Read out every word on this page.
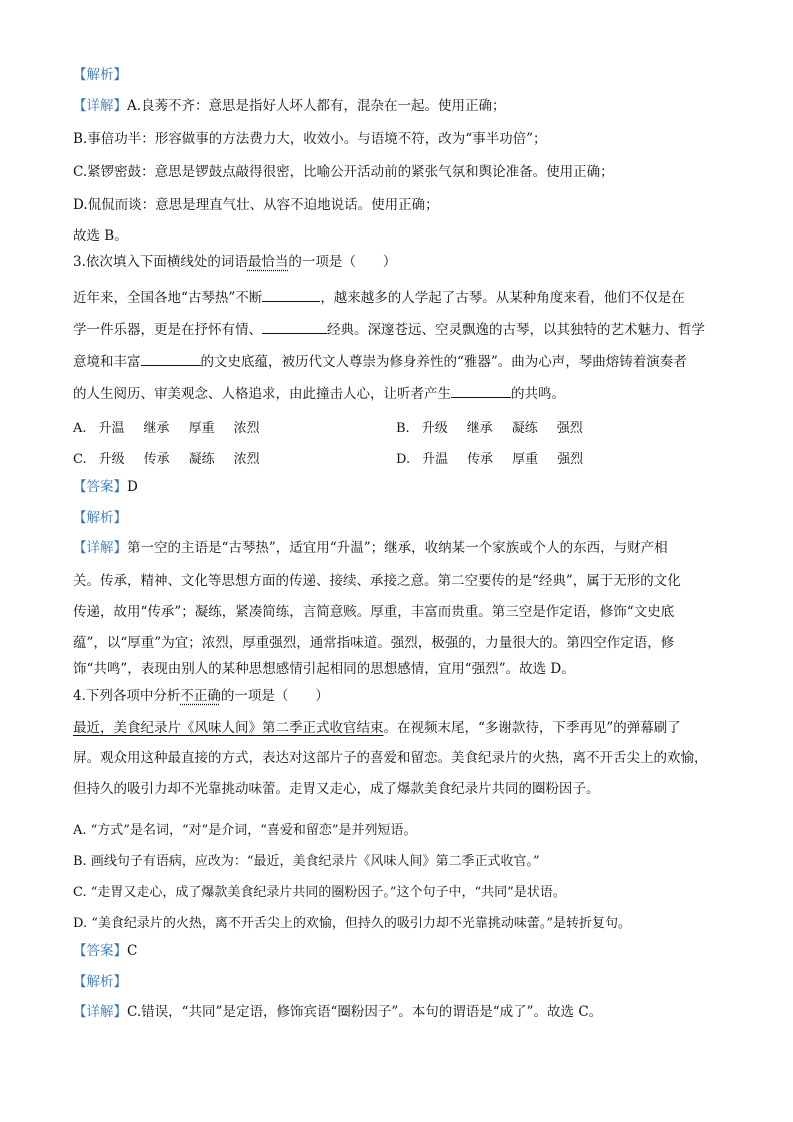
【解析】
【详解】A.良莠不齐：意思是指好人坏人都有，混杂在一起。使用正确；
B.事倍功半：形容做事的方法费力大，收效小。与语境不符，改为“事半功倍”；
C.紧锣密鼓：意思是锣鼓点敲得很密，比喻公开活动前的紧张气氛和舆论准备。使用正确；
D.侃侃而谈：意思是理直气壮、从容不迫地说话。使用正确；
故选 B。
3.依次填入下面横线处的词语最恰当的一项是（　　）
近年来，全国各地“古琴热”不断	，越来越多的人学起了古琴。从某种角度来看，他们不仅是在
学一件乐器，更是在抒怀有情、	经典。深邃苍远、空灵飘逸的古琴，以其独特的艺术魅力、哲学
意境和丰富	的文史底蕴，被历代文人尊崇为修身养性的“雅器”。曲为心声，琴曲熔铸着演奏者
的人生阅历、审美观念、人格追求，由此撞击人心，让听者产生	的共鸣。
A. 升温 继承 厚重 浓烈	B. 升级 继承 凝练 强烈
C. 升级 传承 凝练 浓烈	D. 升温 传承 厚重 强烈
【答案】D
【解析】
【详解】第一空的主语是“古琴热”，适宜用“升温”；继承，收纳某一个家族或个人的东西，与财产相
关。传承，精神、文化等思想方面的传递、接续、承接之意。第二空要传的是“经典”，属于无形的文化
传递，故用“传承”；凝练，紧凑简练，言简意赅。厚重，丰富而贵重。第三空是作定语，修饰“文史底
蕴”，以“厚重”为宜；浓烈，厚重强烈，通常指味道。强烈，极强的，力量很大的。第四空作定语，修
饰“共鸣”，表现由别人的某种思想感情引起相同的思想感情，宜用“强烈”。故选 D。
4.下列各项中分析不正确的一项是（　　）
最近，美食纪录片《风味人间》第二季正式收官结束。在视频末尾，“多谢款待，下季再见”的弹幕刷了
屏。观众用这种最直接的方式，表达对这部片子的喜爱和留恋。美食纪录片的火热，离不开舌尖上的欢愉，
但持久的吸引力却不光靠挑动味蕾。走胃又走心，成了爆款美食纪录片共同的圈粉因子。
A. “方式”是名词，“对”是介词，“喜爱和留恋”是并列短语。
B. 画线句子有语病，应改为：“最近，美食纪录片《风味人间》第二季正式收官。”
C. “走胃又走心，成了爆款美食纪录片共同的圈粉因子。”这个句子中，“共同”是状语。
D. “美食纪录片的火热，离不开舌尖上的欢愉，但持久的吸引力却不光靠挑动味蕾。”是转折复句。
【答案】C
【解析】
【详解】C.错误，“共同”是定语，修饰宾语“圈粉因子”。本句的谓语是“成了”。故选 C。
